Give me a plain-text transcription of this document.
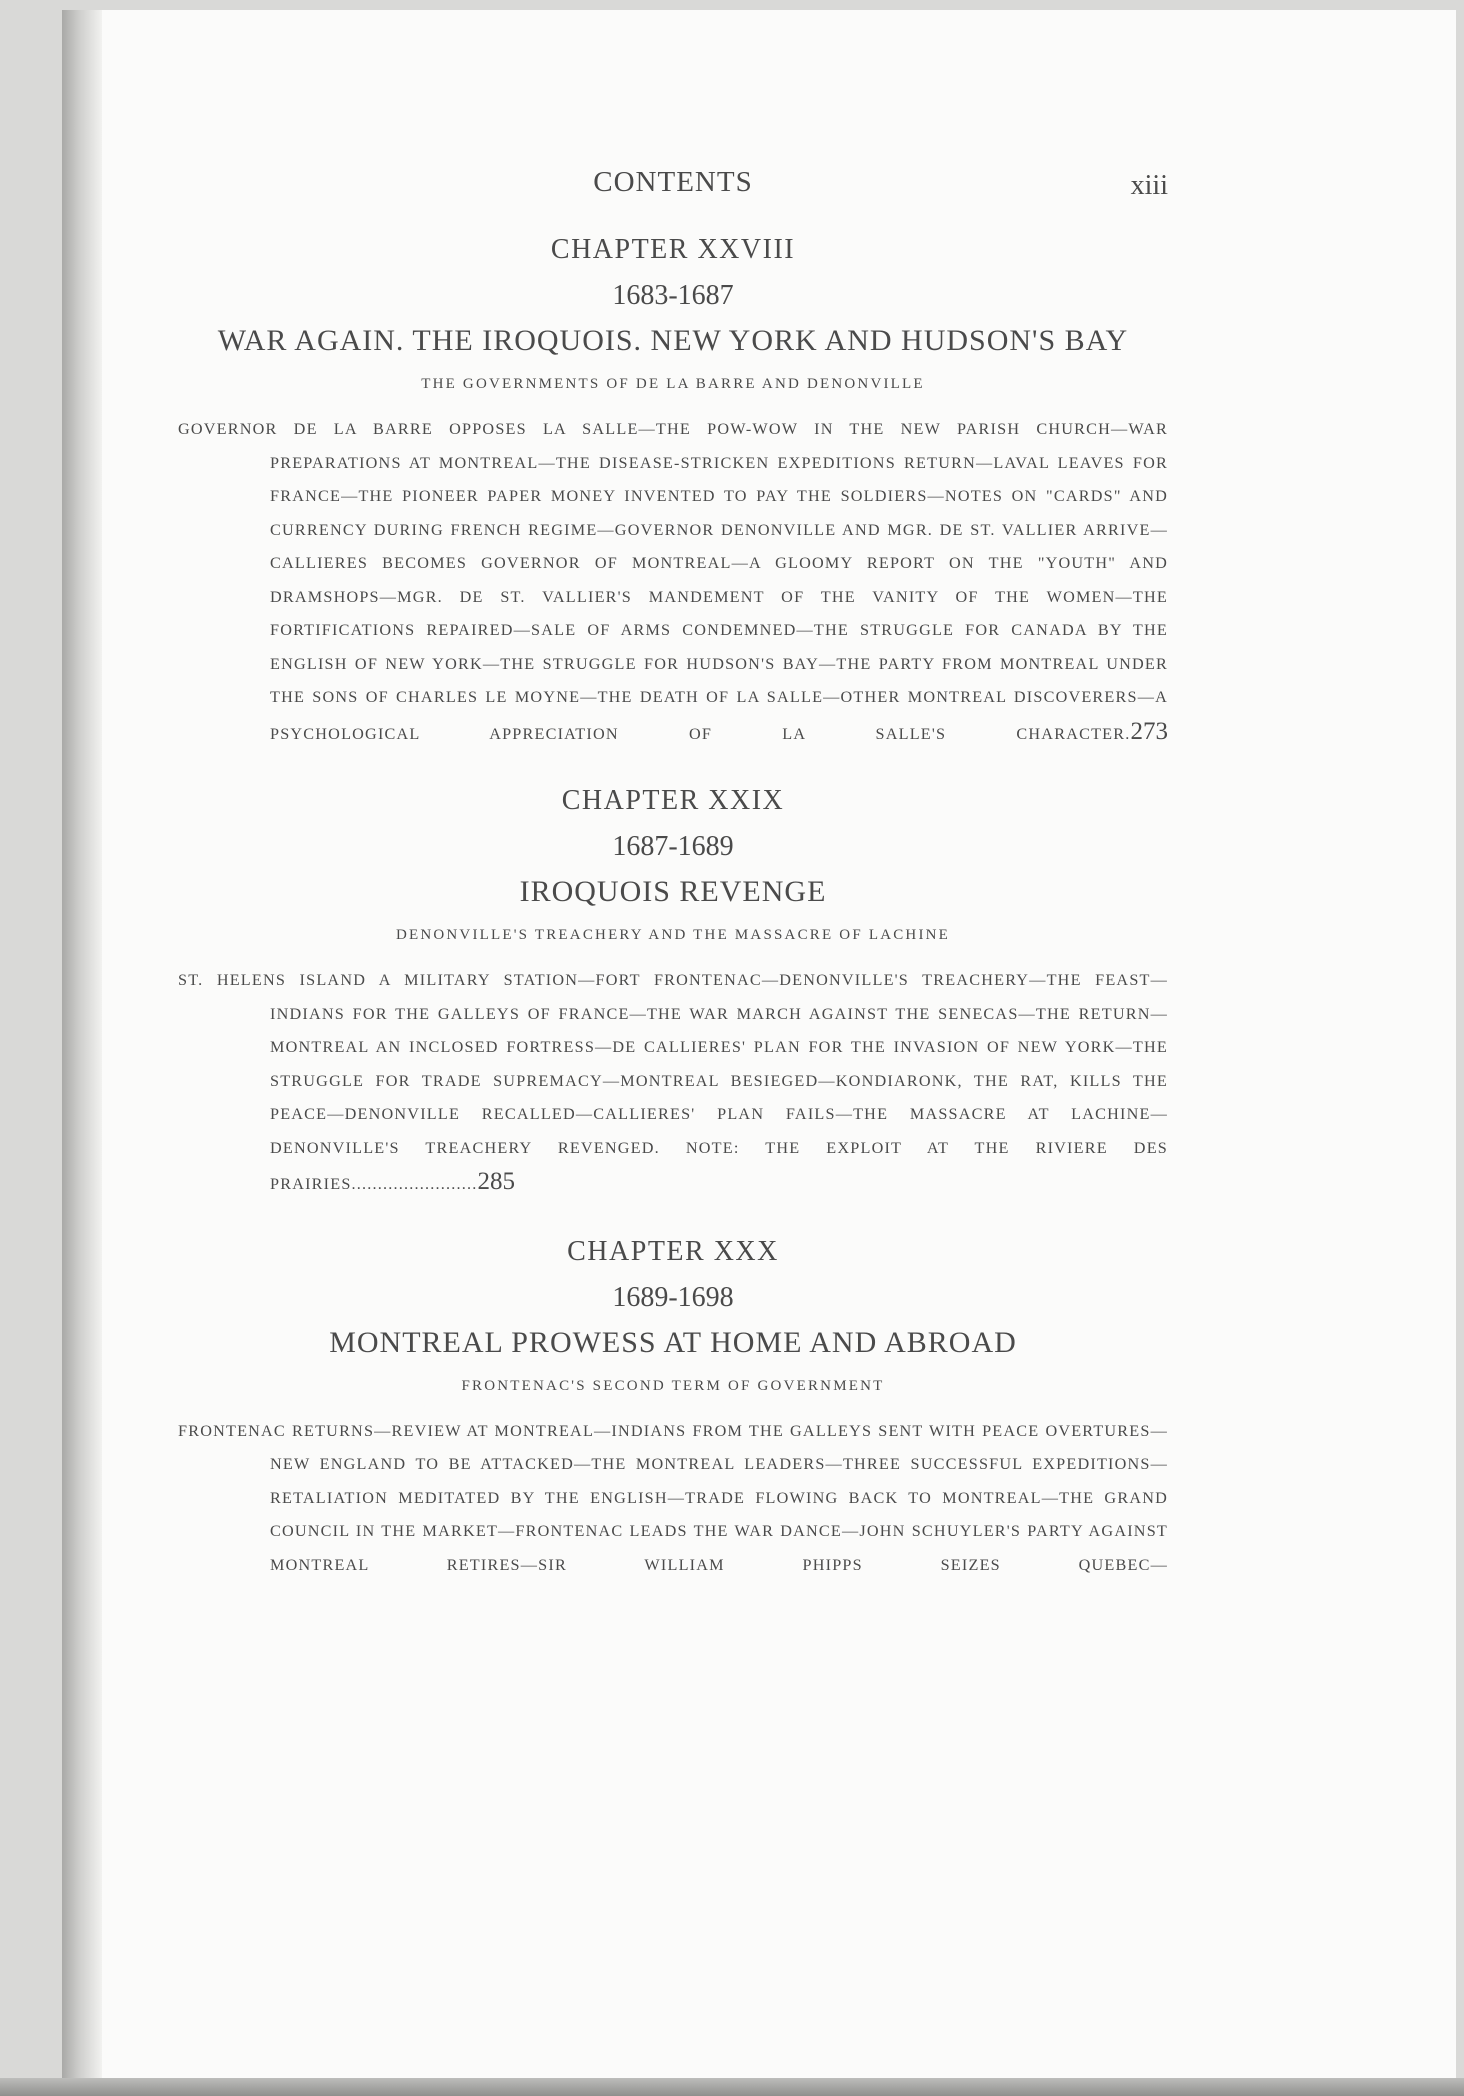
CONTENTS	xiii
CHAPTER XXVIII
1683-1687
WAR AGAIN. THE IROQUOIS. NEW YORK AND HUDSON'S BAY
THE GOVERNMENTS OF DE LA BARRE AND DENONVILLE

GOVERNOR DE LA BARRE OPPOSES LA SALLE—THE POW-WOW IN THE NEW PARISH CHURCH—WAR PREPARATIONS AT MONTREAL—THE DISEASE-STRICKEN EXPEDITIONS RETURN—LAVAL LEAVES FOR FRANCE—THE PIONEER PAPER MONEY INVENTED TO PAY THE SOLDIERS—NOTES ON "CARDS" AND CURRENCY DURING FRENCH REGIME—GOVERNOR DENONVILLE AND MGR. DE ST. VALLIER ARRIVE—CALLIERES BECOMES GOVERNOR OF MONTREAL—A GLOOMY REPORT ON THE "YOUTH" AND DRAMSHOPS—MGR. DE ST. VALLIER'S MANDEMENT OF THE VANITY OF THE WOMEN—THE FORTIFICATIONS REPAIRED—SALE OF ARMS CONDEMNED—THE STRUGGLE FOR CANADA BY THE ENGLISH OF NEW YORK—THE STRUGGLE FOR HUDSON'S BAY—THE PARTY FROM MONTREAL UNDER THE SONS OF CHARLES LE MOYNE—THE DEATH OF LA SALLE—OTHER MONTREAL DISCOVERERS—A PSYCHOLOGICAL APPRECIATION OF LA SALLE'S CHARACTER.273

CHAPTER XXIX
1687-1689
IROQUOIS REVENGE
DENONVILLE'S TREACHERY AND THE MASSACRE OF LACHINE

ST. HELENS ISLAND A MILITARY STATION—FORT FRONTENAC—DENONVILLE'S TREACHERY—THE FEAST—INDIANS FOR THE GALLEYS OF FRANCE—THE WAR MARCH AGAINST THE SENECAS—THE RETURN—MONTREAL AN INCLOSED FORTRESS—DE CALLIERES' PLAN FOR THE INVASION OF NEW YORK—THE STRUGGLE FOR TRADE SUPREMACY—MONTREAL BESIEGED—KONDIARONK, THE RAT, KILLS THE PEACE—DENONVILLE RECALLED—CALLIERES' PLAN FAILS—THE MASSACRE AT LACHINE—DENONVILLE'S TREACHERY REVENGED. NOTE: THE EXPLOIT AT THE RIVIERE DES PRAIRIES........................285

CHAPTER XXX
1689-1698
MONTREAL PROWESS AT HOME AND ABROAD
FRONTENAC'S SECOND TERM OF GOVERNMENT

FRONTENAC RETURNS—REVIEW AT MONTREAL—INDIANS FROM THE GALLEYS SENT WITH PEACE OVERTURES—NEW ENGLAND TO BE ATTACKED—THE MONTREAL LEADERS—THREE SUCCESSFUL EXPEDITIONS—RETALIATION MEDITATED BY THE ENGLISH—TRADE FLOWING BACK TO MONTREAL—THE GRAND COUNCIL IN THE MARKET—FRONTENAC LEADS THE WAR DANCE—JOHN SCHUYLER'S PARTY AGAINST MONTREAL RETIRES—SIR WILLIAM PHIPPS SEIZES QUEBEC—
